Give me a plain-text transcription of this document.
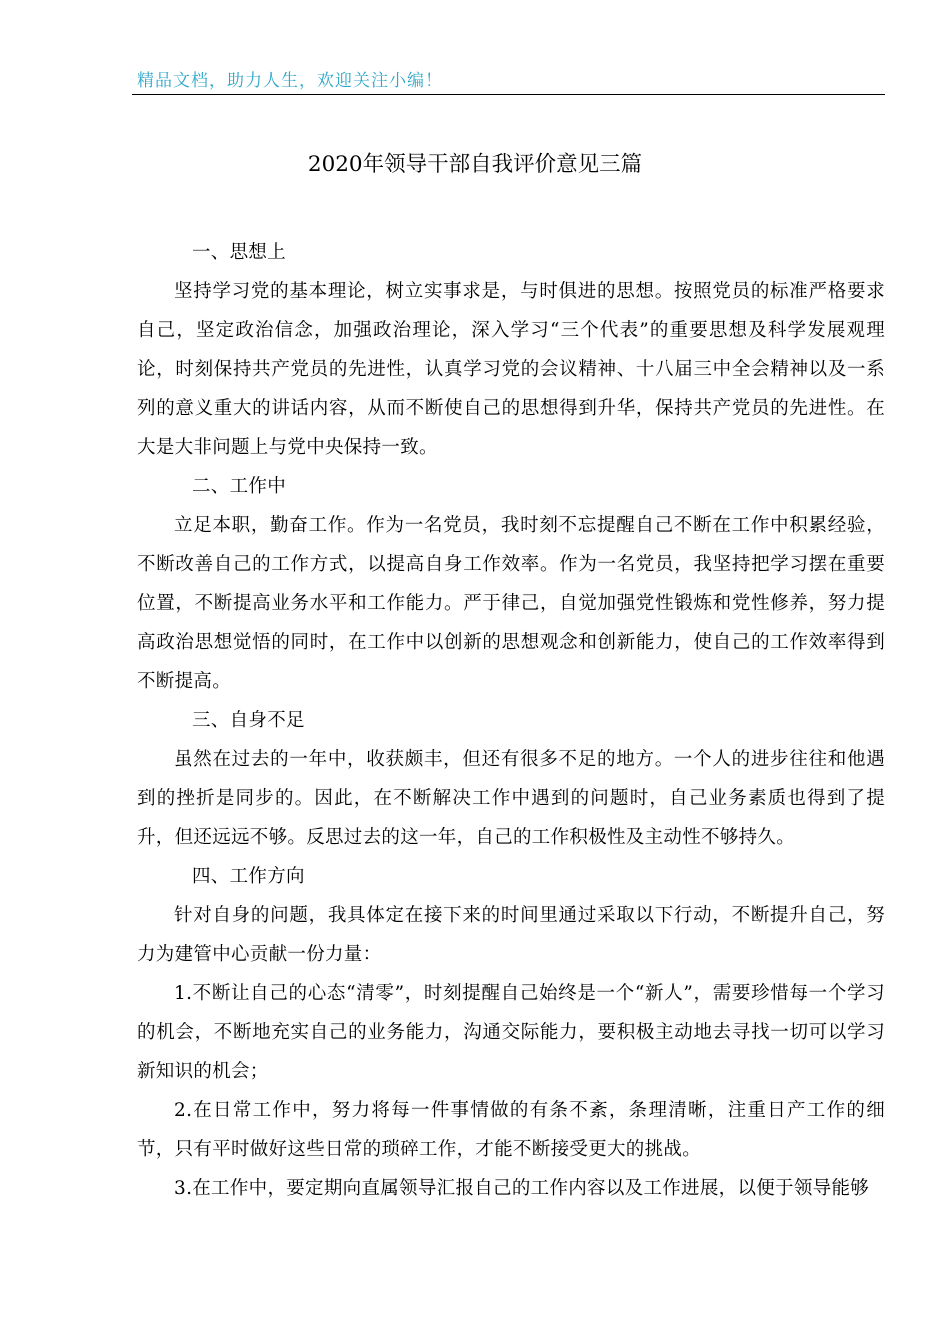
精品文档，助力人生，欢迎关注小编！
2020年领导干部自我评价意见三篇

一、思想上

坚持学习党的基本理论，树立实事求是，与时俱进的思想。按照党员的标准严格要求自己，坚定政治信念，加强政治理论，深入学习“三个代表”的重要思想及科学发展观理论，时刻保持共产党员的先进性，认真学习党的会议精神、十八届三中全会精神以及一系列的意义重大的讲话内容，从而不断使自己的思想得到升华，保持共产党员的先进性。在大是大非问题上与党中央保持一致。

二、工作中

立足本职，勤奋工作。作为一名党员，我时刻不忘提醒自己不断在工作中积累经验，不断改善自己的工作方式，以提高自身工作效率。作为一名党员，我坚持把学习摆在重要位置，不断提高业务水平和工作能力。严于律己，自觉加强党性锻炼和党性修养，努力提高政治思想觉悟的同时，在工作中以创新的思想观念和创新能力，使自己的工作效率得到不断提高。

三、自身不足

虽然在过去的一年中，收获颇丰，但还有很多不足的地方。一个人的进步往往和他遇到的挫折是同步的。因此，在不断解决工作中遇到的问题时，自己业务素质也得到了提升，但还远远不够。反思过去的这一年，自己的工作积极性及主动性不够持久。

四、工作方向

针对自身的问题，我具体定在接下来的时间里通过采取以下行动，不断提升自己，努力为建管中心贡献一份力量：

1.不断让自己的心态“清零”，时刻提醒自己始终是一个“新人”，需要珍惜每一个学习的机会，不断地充实自己的业务能力，沟通交际能力，要积极主动地去寻找一切可以学习新知识的机会；

2.在日常工作中，努力将每一件事情做的有条不紊，条理清晰，注重日产工作的细节，只有平时做好这些日常的琐碎工作，才能不断接受更大的挑战。

3.在工作中，要定期向直属领导汇报自己的工作内容以及工作进展，以便于领导能够
